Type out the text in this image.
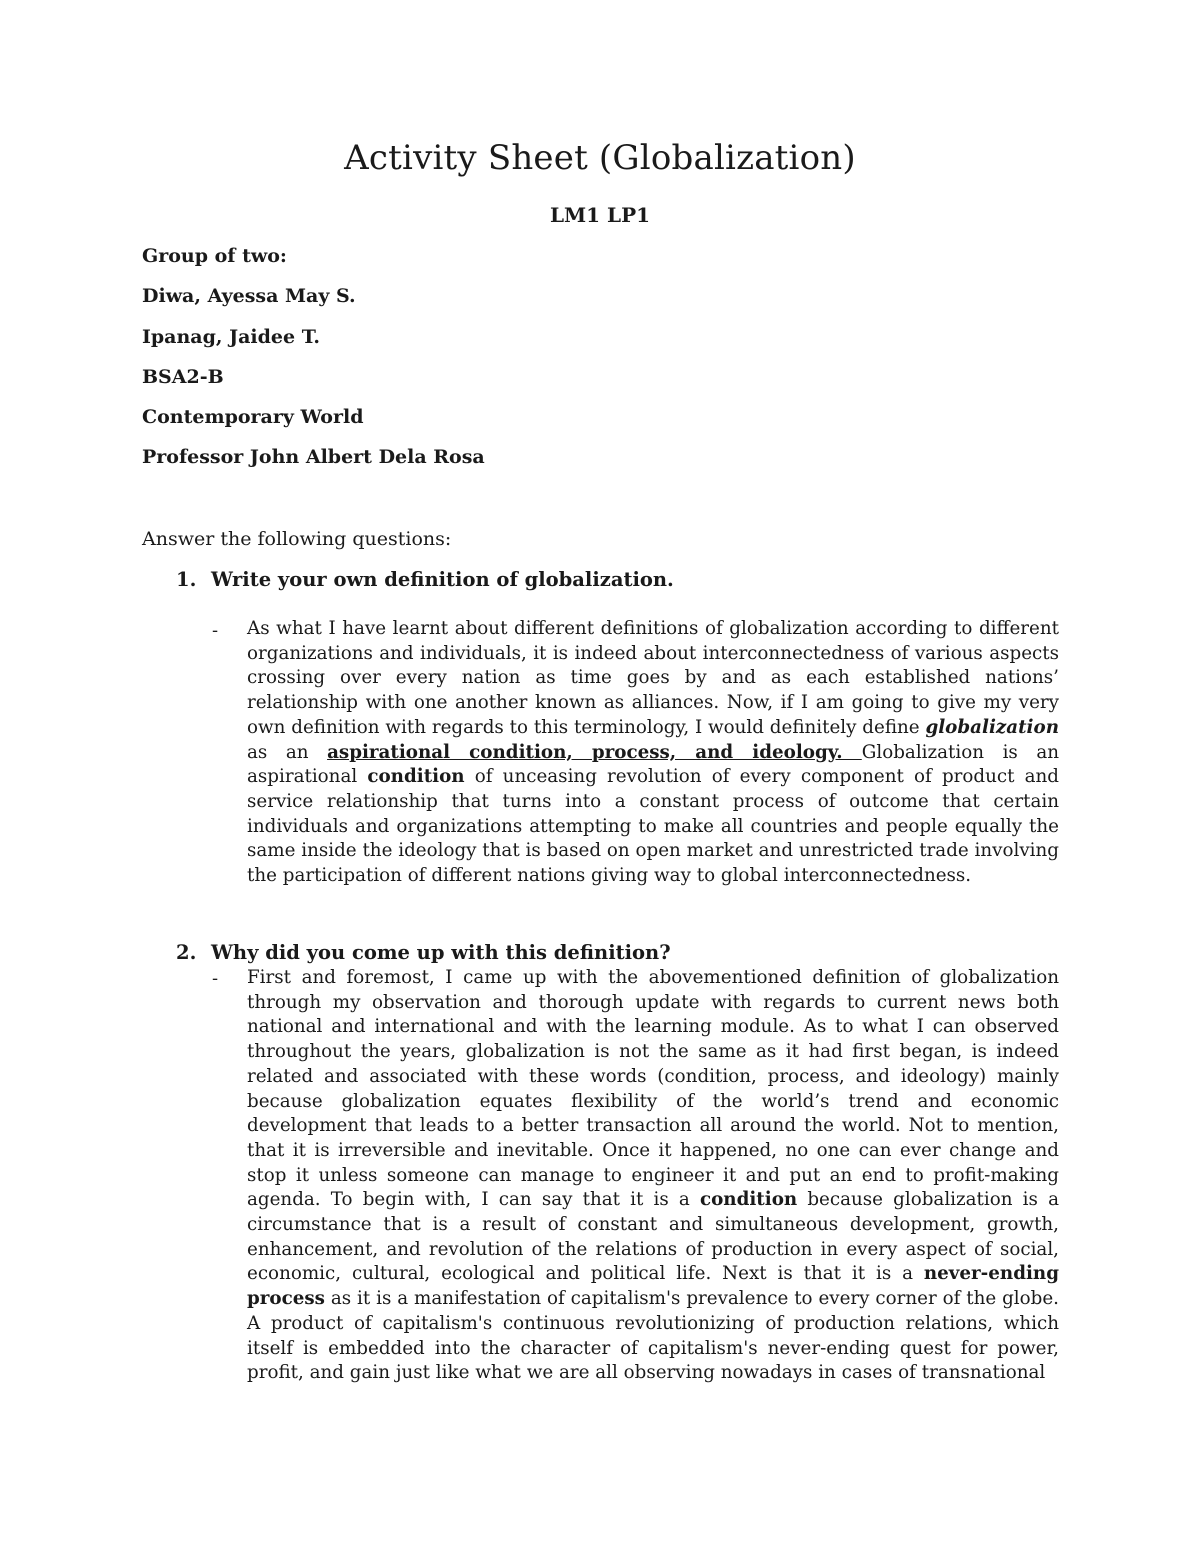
Activity Sheet (Globalization)
LM1 LP1
Group of two:
Diwa, Ayessa May S.
Ipanag, Jaidee T.
BSA2-B
Contemporary World
Professor John Albert Dela Rosa
Answer the following questions:
1. Write your own definition of globalization.
- As what I have learnt about different definitions of globalization according to different organizations and individuals, it is indeed about interconnectedness of various aspects crossing over every nation as time goes by and as each established nations’ relationship with one another known as alliances. Now, if I am going to give my very own definition with regards to this terminology, I would definitely define globalization as an aspirational condition, process, and ideology. Globalization is an aspirational condition of unceasing revolution of every component of product and service relationship that turns into a constant process of outcome that certain individuals and organizations attempting to make all countries and people equally the same inside the ideology that is based on open market and unrestricted trade involving the participation of different nations giving way to global interconnectedness.

2. Why did you come up with this definition?
- First and foremost, I came up with the abovementioned definition of globalization through my observation and thorough update with regards to current news both national and international and with the learning module. As to what I can observed throughout the years, globalization is not the same as it had first began, is indeed related and associated with these words (condition, process, and ideology) mainly because globalization equates flexibility of the world’s trend and economic development that leads to a better transaction all around the world. Not to mention, that it is irreversible and inevitable. Once it happened, no one can ever change and stop it unless someone can manage to engineer it and put an end to profit-making agenda. To begin with, I can say that it is a condition because globalization is a circumstance that is a result of constant and simultaneous development, growth, enhancement, and revolution of the relations of production in every aspect of social, economic, cultural, ecological and political life. Next is that it is a never-ending process as it is a manifestation of capitalism's prevalence to every corner of the globe. A product of capitalism's continuous revolutionizing of production relations, which itself is embedded into the character of capitalism's never-ending quest for power, profit, and gain just like what we are all observing nowadays in cases of transnational
